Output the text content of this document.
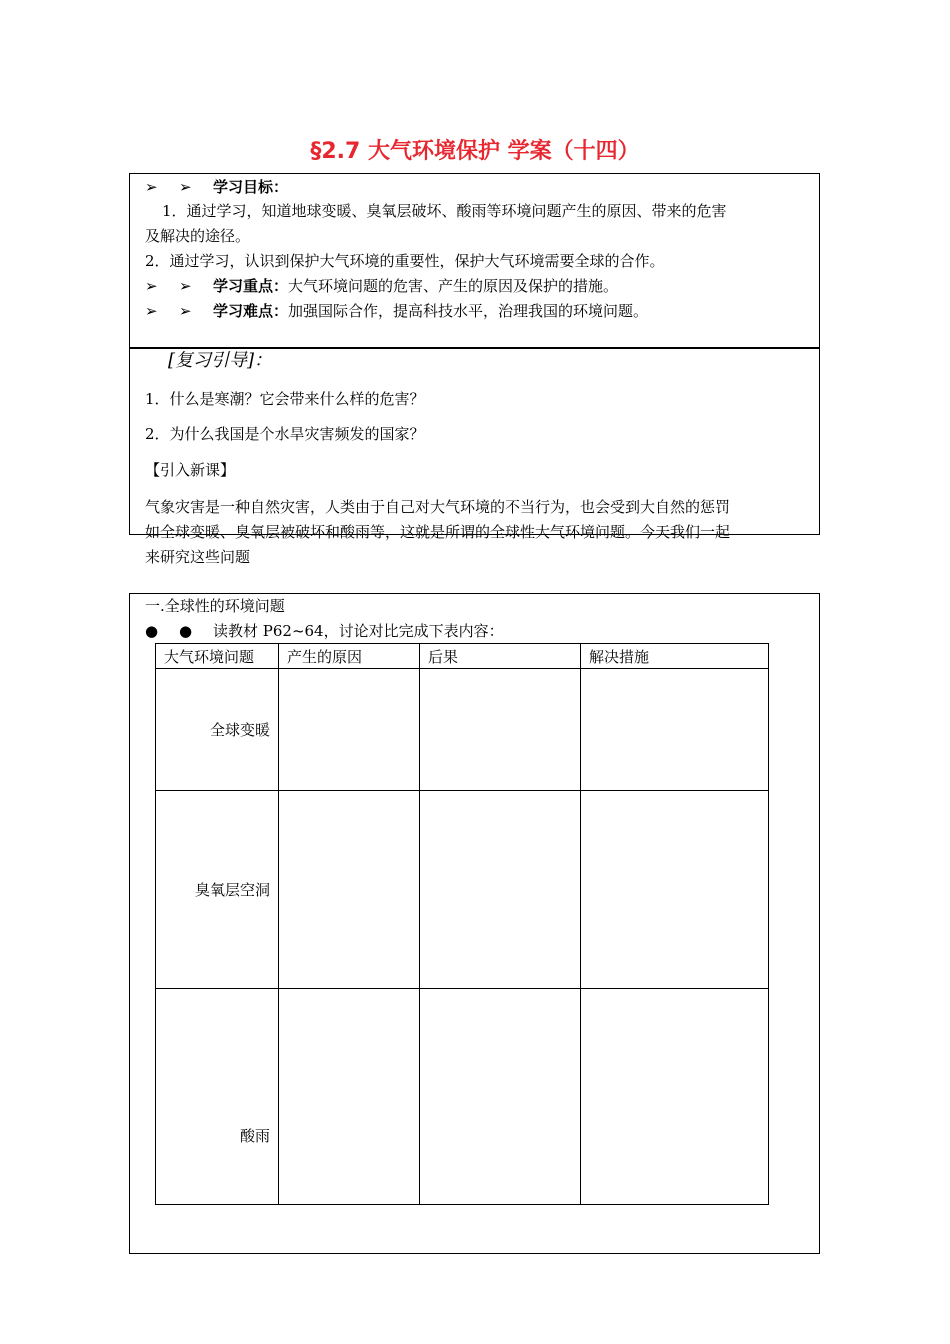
§2.7 大气环境保护 学案（十四）
➢ ➢ 学习目标：
1．通过学习，知道地球变暖、臭氧层破坏、酸雨等环境问题产生的原因、带来的危害
及解决的途径。
2．通过学习，认识到保护大气环境的重要性，保护大气环境需要全球的合作。
➢ ➢ 学习重点：大气环境问题的危害、产生的原因及保护的措施。
➢ ➢ 学习难点：加强国际合作，提高科技水平，治理我国的环境问题。
[复习引导]：
1．什么是寒潮？它会带来什么样的危害？
2．为什么我国是个水旱灾害频发的国家？
【引入新课】
气象灾害是一种自然灾害，人类由于自己对大气环境的不当行为，也会受到大自然的惩罚
如全球变暖、臭氧层被破坏和酸雨等，这就是所谓的全球性大气环境问题。今天我们一起
来研究这些问题
一.全球性的环境问题
● ● 读教材 P62~64，讨论对比完成下表内容：
大气环境问题	产生的原因	后果	解决措施
全球变暖			
臭氧层空洞			
酸雨			
